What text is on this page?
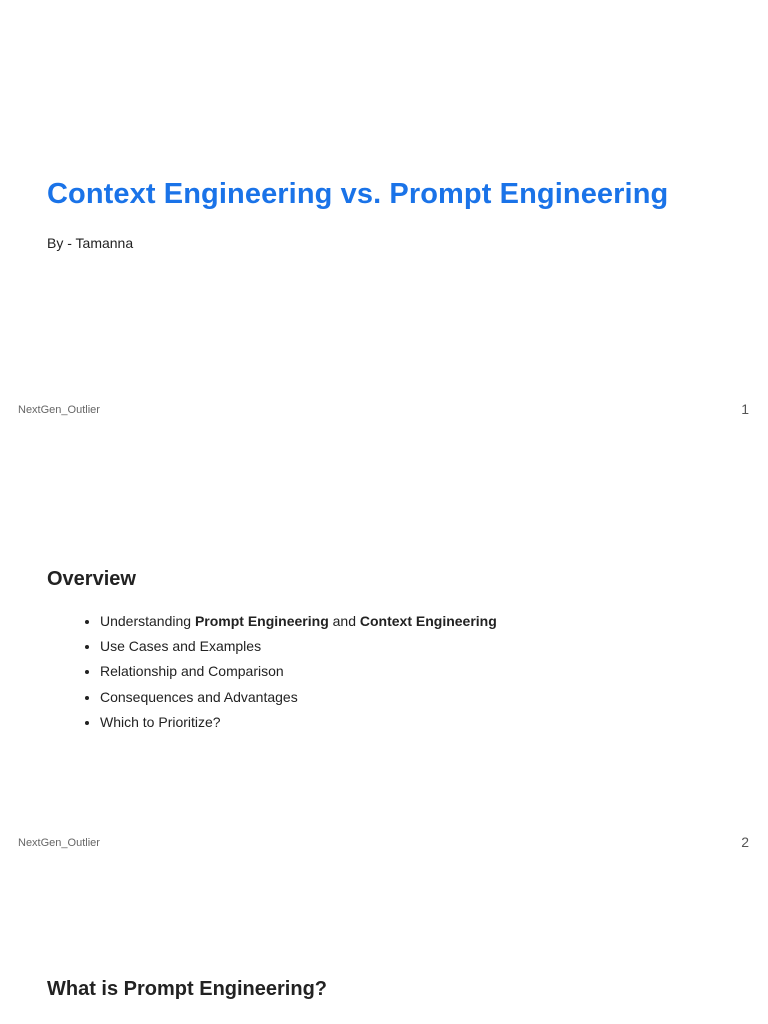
Context Engineering vs. Prompt Engineering

By - Tamanna

NextGen_Outlier	1
Overview
• Understanding Prompt Engineering and Context Engineering
• Use Cases and Examples
• Relationship and Comparison
• Consequences and Advantages
• Which to Prioritize?
NextGen_Outlier	2
What is Prompt Engineering?
